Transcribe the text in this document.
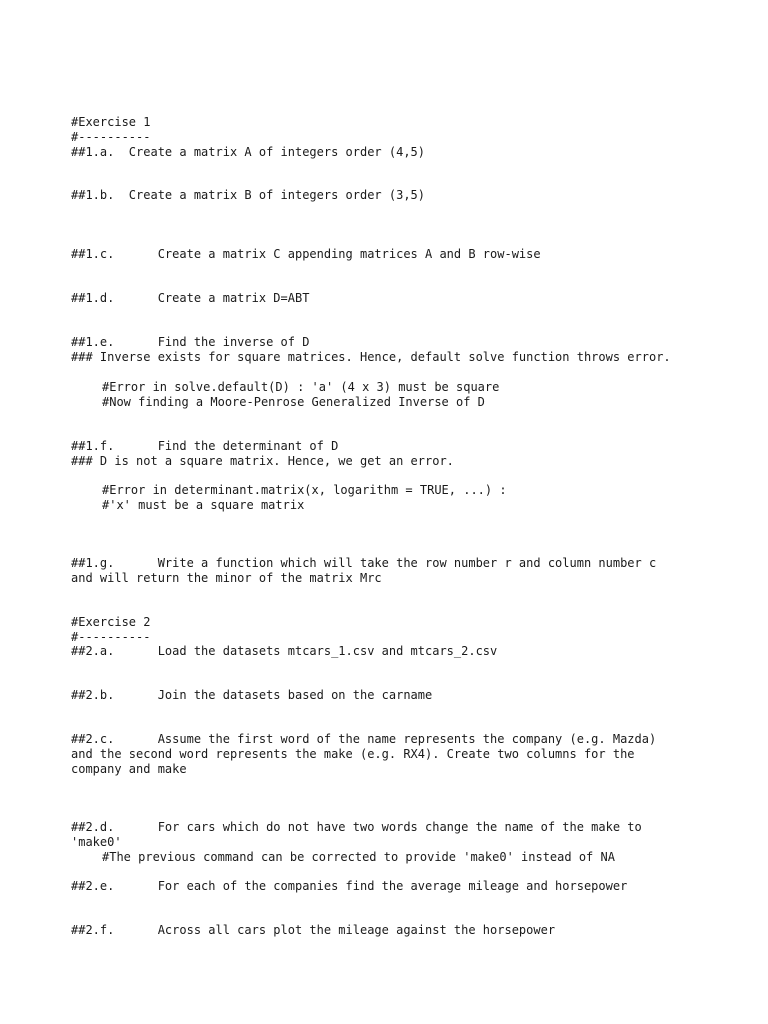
#Exercise 1

#----------

##1.a.  Create a matrix A of integers order (4,5)

##1.b.  Create a matrix B of integers order (3,5)

##1.c.      Create a matrix C appending matrices A and B row-wise

##1.d.      Create a matrix D=ABT

##1.e.      Find the inverse of D

### Inverse exists for square matrices. Hence, default solve function throws error.

#Error in solve.default(D) : 'a' (4 x 3) must be square

#Now finding a Moore-Penrose Generalized Inverse of D

##1.f.      Find the determinant of D

### D is not a square matrix. Hence, we get an error.

#Error in determinant.matrix(x, logarithm = TRUE, ...) :

#'x' must be a square matrix

##1.g.      Write a function which will take the row number r and column number c

and will return the minor of the matrix Mrc

#Exercise 2

#----------

##2.a.      Load the datasets mtcars_1.csv and mtcars_2.csv

##2.b.      Join the datasets based on the carname

##2.c.      Assume the first word of the name represents the company (e.g. Mazda)

and the second word represents the make (e.g. RX4). Create two columns for the

company and make

##2.d.      For cars which do not have two words change the name of the make to

'make0'

#The previous command can be corrected to provide 'make0' instead of NA

##2.e.      For each of the companies find the average mileage and horsepower

##2.f.      Across all cars plot the mileage against the horsepower
